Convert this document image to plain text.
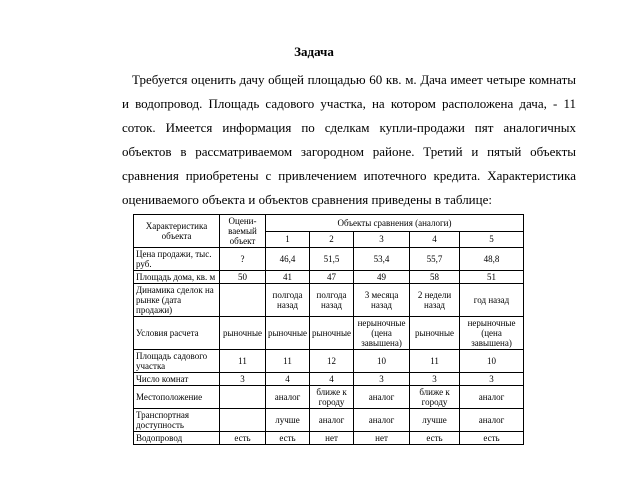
Задача
Требуется оценить дачу общей площадью 60 кв. м. Дача имеет четыре комнаты и водопровод. Площадь садового участка, на котором расположена дача, - 11 соток. Имеется информация по сделкам купли-продажи пят аналогичных объектов в рассматриваемом загородном районе. Третий и пятый объекты сравнения приобретены с привлечением ипотечного кредита. Характеристика оцениваемого объекта и объектов сравнения приведены в таблице:
Характеристика объекта	Оцени-ваемый объект	Объекты сравнения (аналоги)				
		1	2	3	4	5
Цена продажи, тыс. руб.	?	46,4	51,5	53,4	55,7	48,8
Площадь дома, кв. м	50	41	47	49	58	51
Динамика сделок на рынке (дата продажи)		полгода назад	полгода назад	3 месяца назад	2 недели назад	год назад
Условия расчета	рыночные	рыночные	рыночные	нерыночные (цена завышена)	рыночные	нерыночные (цена завышена)
Площадь садового участка	11	11	12	10	11	10
Число комнат	3	4	4	3	3	3
Местоположение		аналог	ближе к городу	аналог	ближе к городу	аналог
Транспортная доступность		лучше	аналог	аналог	лучше	аналог
Водопровод	есть	есть	нет	нет	есть	есть
